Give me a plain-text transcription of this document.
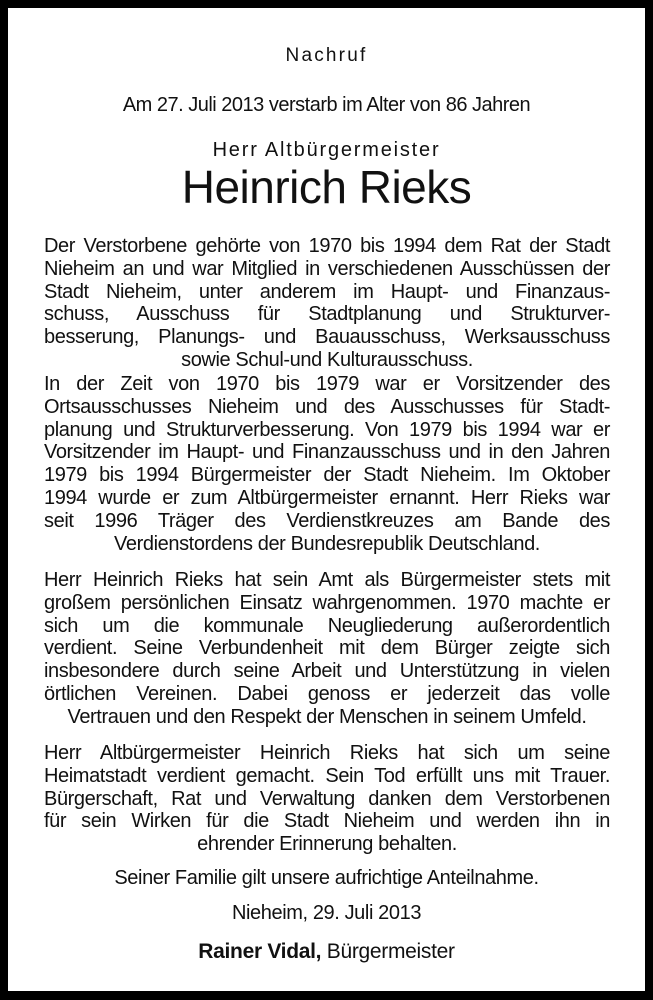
Nachruf
Am 27. Juli 2013 verstarb im Alter von 86 Jahren
Herr Altbürgermeister
Heinrich Rieks
Der Verstorbene gehörte von 1970 bis 1994 dem Rat der Stadt
Nieheim an und war Mitglied in verschiedenen Ausschüssen der
Stadt Nieheim, unter anderem im Haupt- und Finanzaus-
schuss, Ausschuss für Stadtplanung und Strukturver-
besserung, Planungs- und Bauausschuss, Werksausschuss
sowie Schul-und Kulturausschuss.
In der Zeit von 1970 bis 1979 war er Vorsitzender des
Ortsausschusses Nieheim und des Ausschusses für Stadt-
planung und Strukturverbesserung. Von 1979 bis 1994 war er
Vorsitzender im Haupt- und Finanzausschuss und in den Jahren
1979 bis 1994 Bürgermeister der Stadt Nieheim. Im Oktober
1994 wurde er zum Altbürgermeister ernannt. Herr Rieks war
seit 1996 Träger des Verdienstkreuzes am Bande des
Verdienstordens der Bundesrepublik Deutschland.
Herr Heinrich Rieks hat sein Amt als Bürgermeister stets mit
großem persönlichen Einsatz wahrgenommen. 1970 machte er
sich um die kommunale Neugliederung außerordentlich
verdient. Seine Verbundenheit mit dem Bürger zeigte sich
insbesondere durch seine Arbeit und Unterstützung in vielen
örtlichen Vereinen. Dabei genoss er jederzeit das volle
Vertrauen und den Respekt der Menschen in seinem Umfeld.
Herr Altbürgermeister Heinrich Rieks hat sich um seine
Heimatstadt verdient gemacht. Sein Tod erfüllt uns mit Trauer.
Bürgerschaft, Rat und Verwaltung danken dem Verstorbenen
für sein Wirken für die Stadt Nieheim und werden ihn in
ehrender Erinnerung behalten.
Seiner Familie gilt unsere aufrichtige Anteilnahme.
Nieheim, 29. Juli 2013
Rainer Vidal, Bürgermeister
